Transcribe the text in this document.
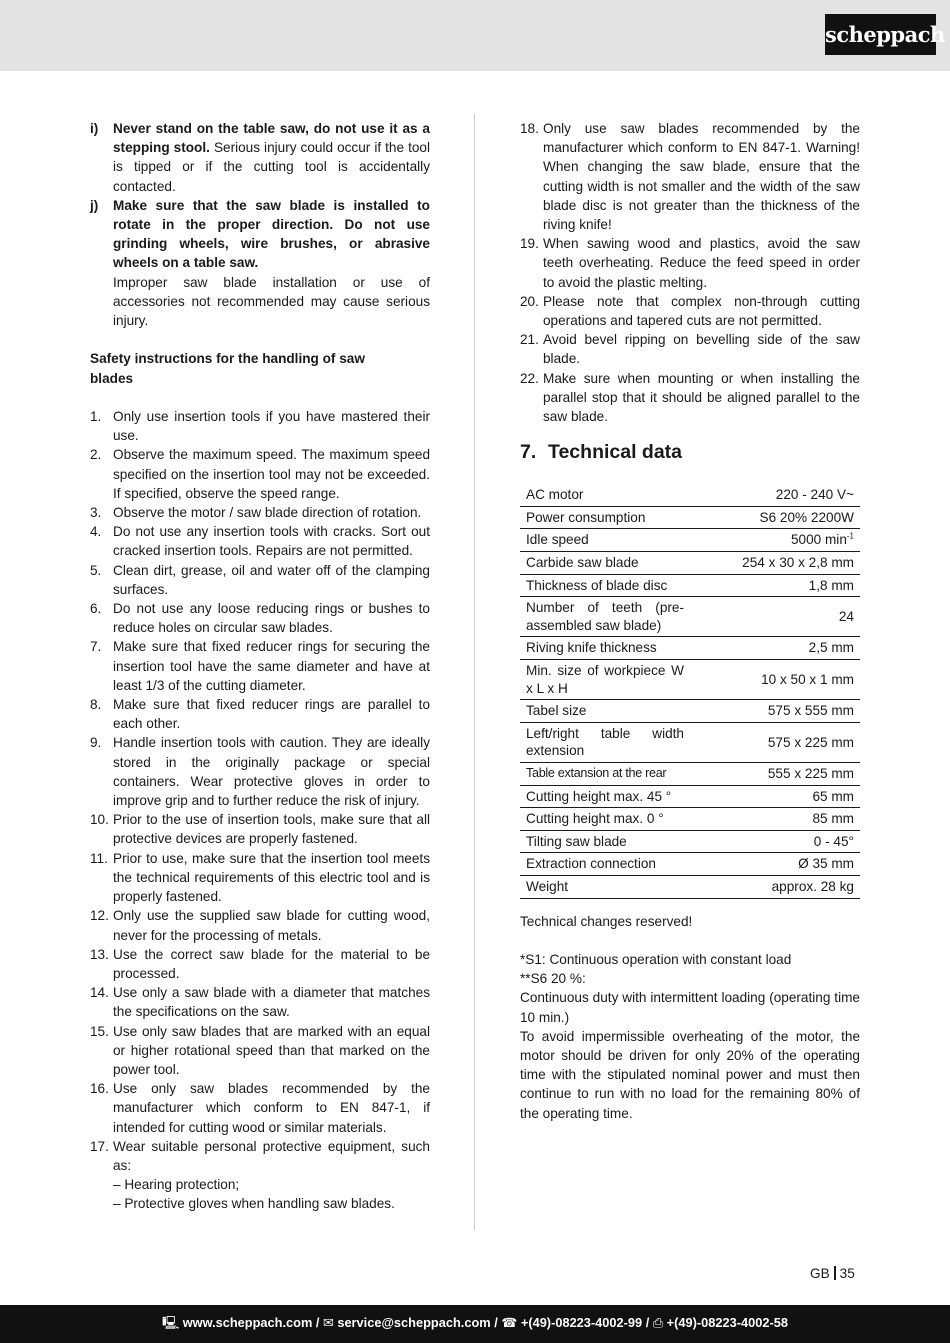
scheppach
i)	Never stand on the table saw, do not use it as a stepping stool. Serious injury could occur if the tool is tipped or if the cutting tool is accidentally contacted.
j)	Make sure that the saw blade is installed to rotate in the proper direction. Do not use grinding wheels, wire brushes, or abrasive wheels on a table saw.
Improper saw blade installation or use of accessories not recommended may cause serious injury.
Safety instructions for the handling of saw blades
1. Only use insertion tools if you have mastered their use.
2. Observe the maximum speed. The maximum speed specified on the insertion tool may not be exceeded. If specified, observe the speed range.
3. Observe the motor / saw blade direction of rotation.
4. Do not use any insertion tools with cracks. Sort out cracked insertion tools. Repairs are not permitted.
5. Clean dirt, grease, oil and water off of the clamping surfaces.
6. Do not use any loose reducing rings or bushes to reduce holes on circular saw blades.
7. Make sure that fixed reducer rings for securing the insertion tool have the same diameter and have at least 1/3 of the cutting diameter.
8. Make sure that fixed reducer rings are parallel to each other.
9. Handle insertion tools with caution. They are ideally stored in the originally package or special containers. Wear protective gloves in order to improve grip and to further reduce the risk of injury.
10. Prior to the use of insertion tools, make sure that all protective devices are properly fastened.
11. Prior to use, make sure that the insertion tool meets the technical requirements of this electric tool and is properly fastened.
12. Only use the supplied saw blade for cutting wood, never for the processing of metals.
13. Use the correct saw blade for the material to be processed.
14. Use only a saw blade with a diameter that matches the specifications on the saw.
15. Use only saw blades that are marked with an equal or higher rotational speed than that marked on the power tool.
16. Use only saw blades recommended by the manufacturer which conform to EN 847-1, if intended for cutting wood or similar materials.
17. Wear suitable personal protective equipment, such as:
– Hearing protection;
– Protective gloves when handling saw blades.
18. Only use saw blades recommended by the manufacturer which conform to EN 847-1. Warning! When changing the saw blade, ensure that the cutting width is not smaller and the width of the saw blade disc is not greater than the thickness of the riving knife!
19. When sawing wood and plastics, avoid the saw teeth overheating. Reduce the feed speed in order to avoid the plastic melting.
20. Please note that complex non-through cutting operations and tapered cuts are not permitted.
21. Avoid bevel ripping on bevelling side of the saw blade.
22. Make sure when mounting or when installing the parallel stop that it should be aligned parallel to the saw blade.
7. Technical data
AC motor	220 - 240 V~
Power consumption	S6 20% 2200W
Idle speed	5000 $\min^{-1}$
Carbide saw blade	254 x 30 x 2,8 mm
Thickness of blade disc	1,8 mm
Number of teeth (pre-assembled saw blade)	24
Riving knife thickness	2,5 mm
Min. size of workpiece W x L x H	10 x 50 x 1 mm
Tabel size	575 x 555 mm
Left/right table width extension	575 x 225 mm
Table extansion at the rear	555 x 225 mm
Cutting height max. 45 °	65 mm
Cutting height max. 0 °	85 mm
Tilting saw blade	0 - 45°
Extraction connection	Ø 35 mm
Weight	approx. 28 kg

Technical changes reserved!

*S1: Continuous operation with constant load

**S6 20 %:

Continuous duty with intermittent loading (operating time 10 min.)

To avoid impermissible overheating of the motor, the motor should be driven for only 20% of the operating time with the stipulated nominal power and must then continue to run with no load for the remaining 80% of the operating time.

GB 35
🖳 www.scheppach.com / ✉ service@scheppach.com / ☎ +(49)-08223-4002-99 / ⎙ +(49)-08223-4002-58
